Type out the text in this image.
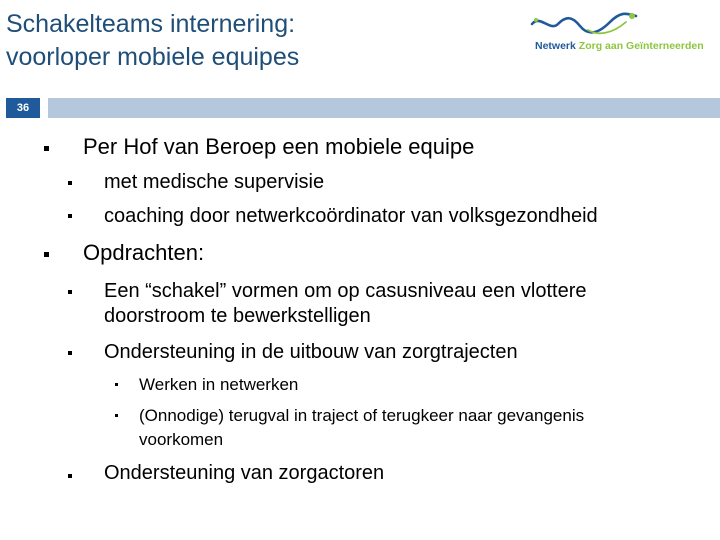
Schakelteams internering:
voorloper mobiele equipes	Netwerk Zorg aan Geïnterneerden
36
Per Hof van Beroep een mobiele equipe
met medische supervisie
coaching door netwerkcoördinator van volksgezondheid
Opdrachten:
Een “schakel” vormen om op casusniveau een vlottere
doorstroom te bewerkstelligen
Ondersteuning in de uitbouw van zorgtrajecten
Werken in netwerken
(Onnodige) terugval in traject of terugkeer naar gevangenis
voorkomen
Ondersteuning van zorgactoren
